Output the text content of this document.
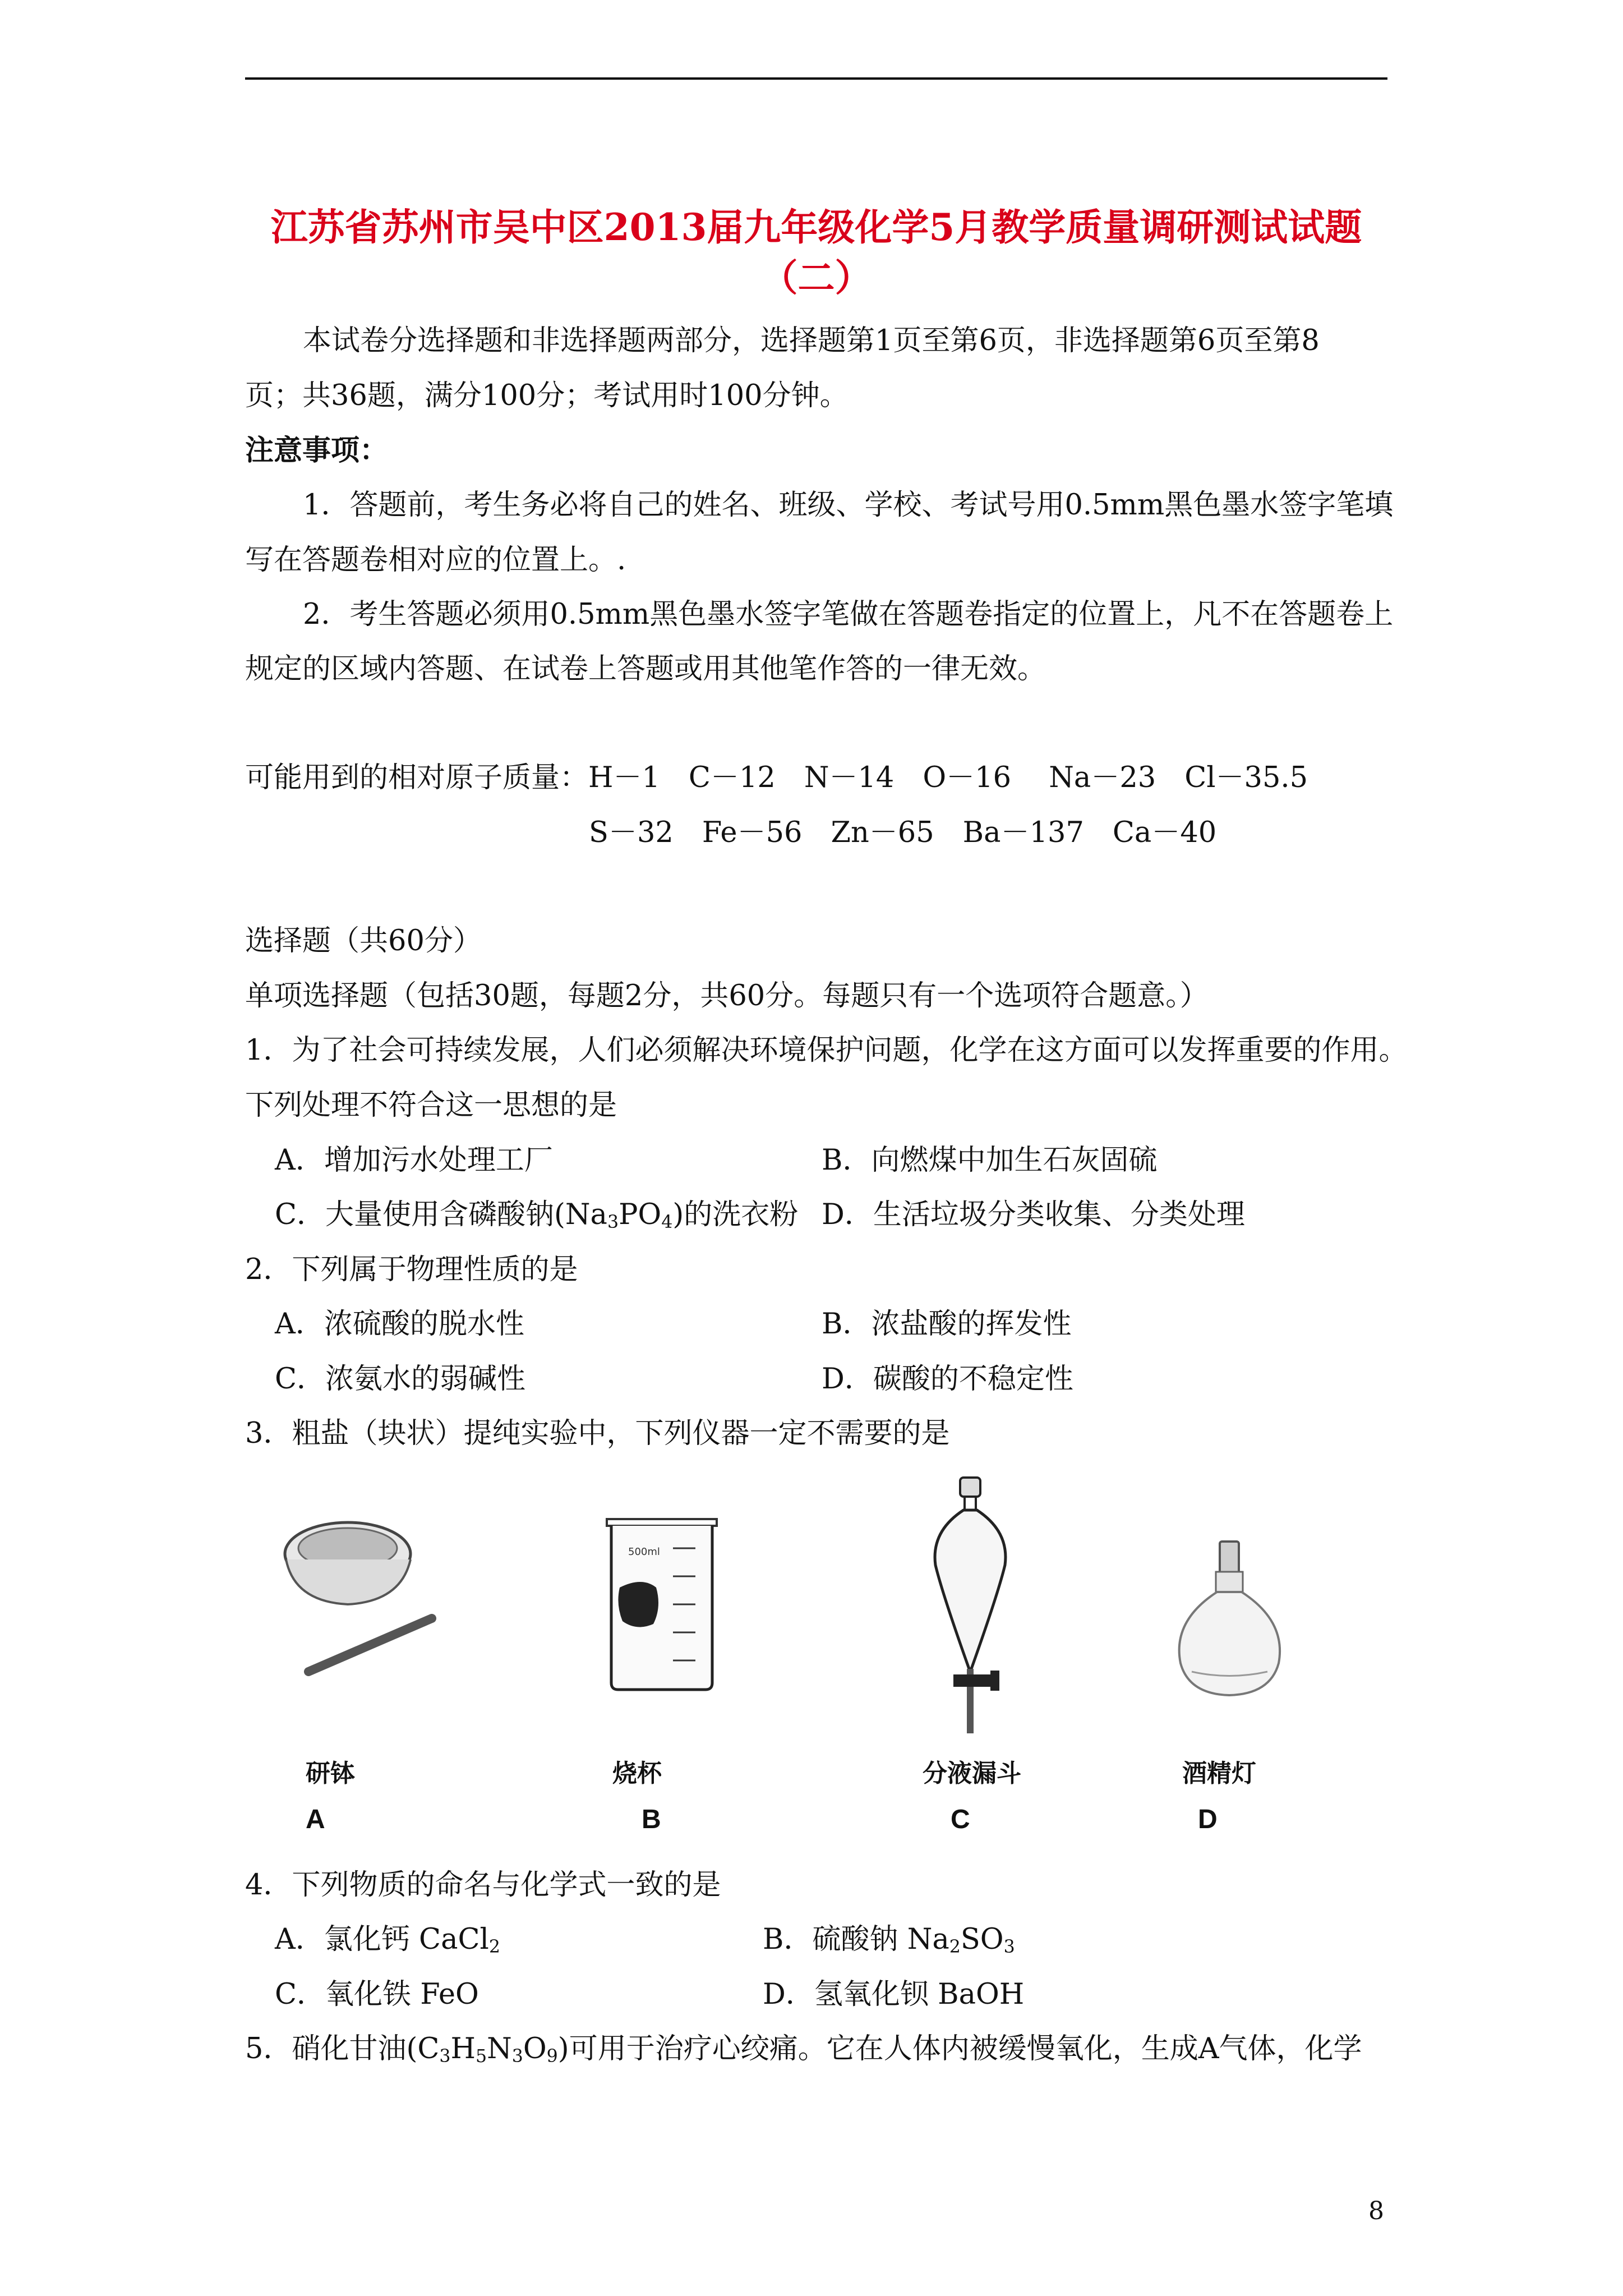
江苏省苏州市吴中区2013届九年级化学5月教学质量调研测试试题
（二）
本试卷分选择题和非选择题两部分，选择题第1页至第6页，非选择题第6页至第8
页；共36题，满分100分；考试用时100分钟。
注意事项：
1．答题前，考生务必将自己的姓名、班级、学校、考试号用0.5mm黑色墨水签字笔填
写在答题卷相对应的位置上。.
2．考生答题必须用0.5mm黑色墨水签字笔做在答题卷指定的位置上，凡不在答题卷上
规定的区域内答题、在试卷上答题或用其他笔作答的一律无效。
可能用到的相对原子质量：H－1　C－12　N－14　O－16　 Na－23　Cl－35.5
S－32　Fe－56　Zn－65　Ba－137　Ca－40
选择题（共60分）
单项选择题（包括30题，每题2分，共60分。每题只有一个选项符合题意。）
1．为了社会可持续发展，人们必须解决环境保护问题，化学在这方面可以发挥重要的作用。
下列处理不符合这一思想的是
A．增加污水处理工厂	B．向燃煤中加生石灰固硫
C．大量使用含磷酸钠$(Na_3PO_4)$的洗衣粉 D．生活垃圾分类收集、分类处理
2．下列属于物理性质的是
A．浓硫酸的脱水性	B．浓盐酸的挥发性
C．浓氨水的弱碱性	D．碳酸的不稳定性
3．粗盐（块状）提纯实验中，下列仪器一定不需要的是
500ml
研钵	烧杯	分液漏斗	酒精灯
A	B	C	D
4．下列物质的命名与化学式一致的是
A．氯化钙 CaCl$_2$	B．硫酸钠 $Na_2SO_3$
C．氧化铁 FeO	D．氢氧化钡 BaOH
5．硝化甘油$(C_3H_5N_3O_9)$可用于治疗心绞痛。它在人体内被缓慢氧化，生成A气体，化学
8
